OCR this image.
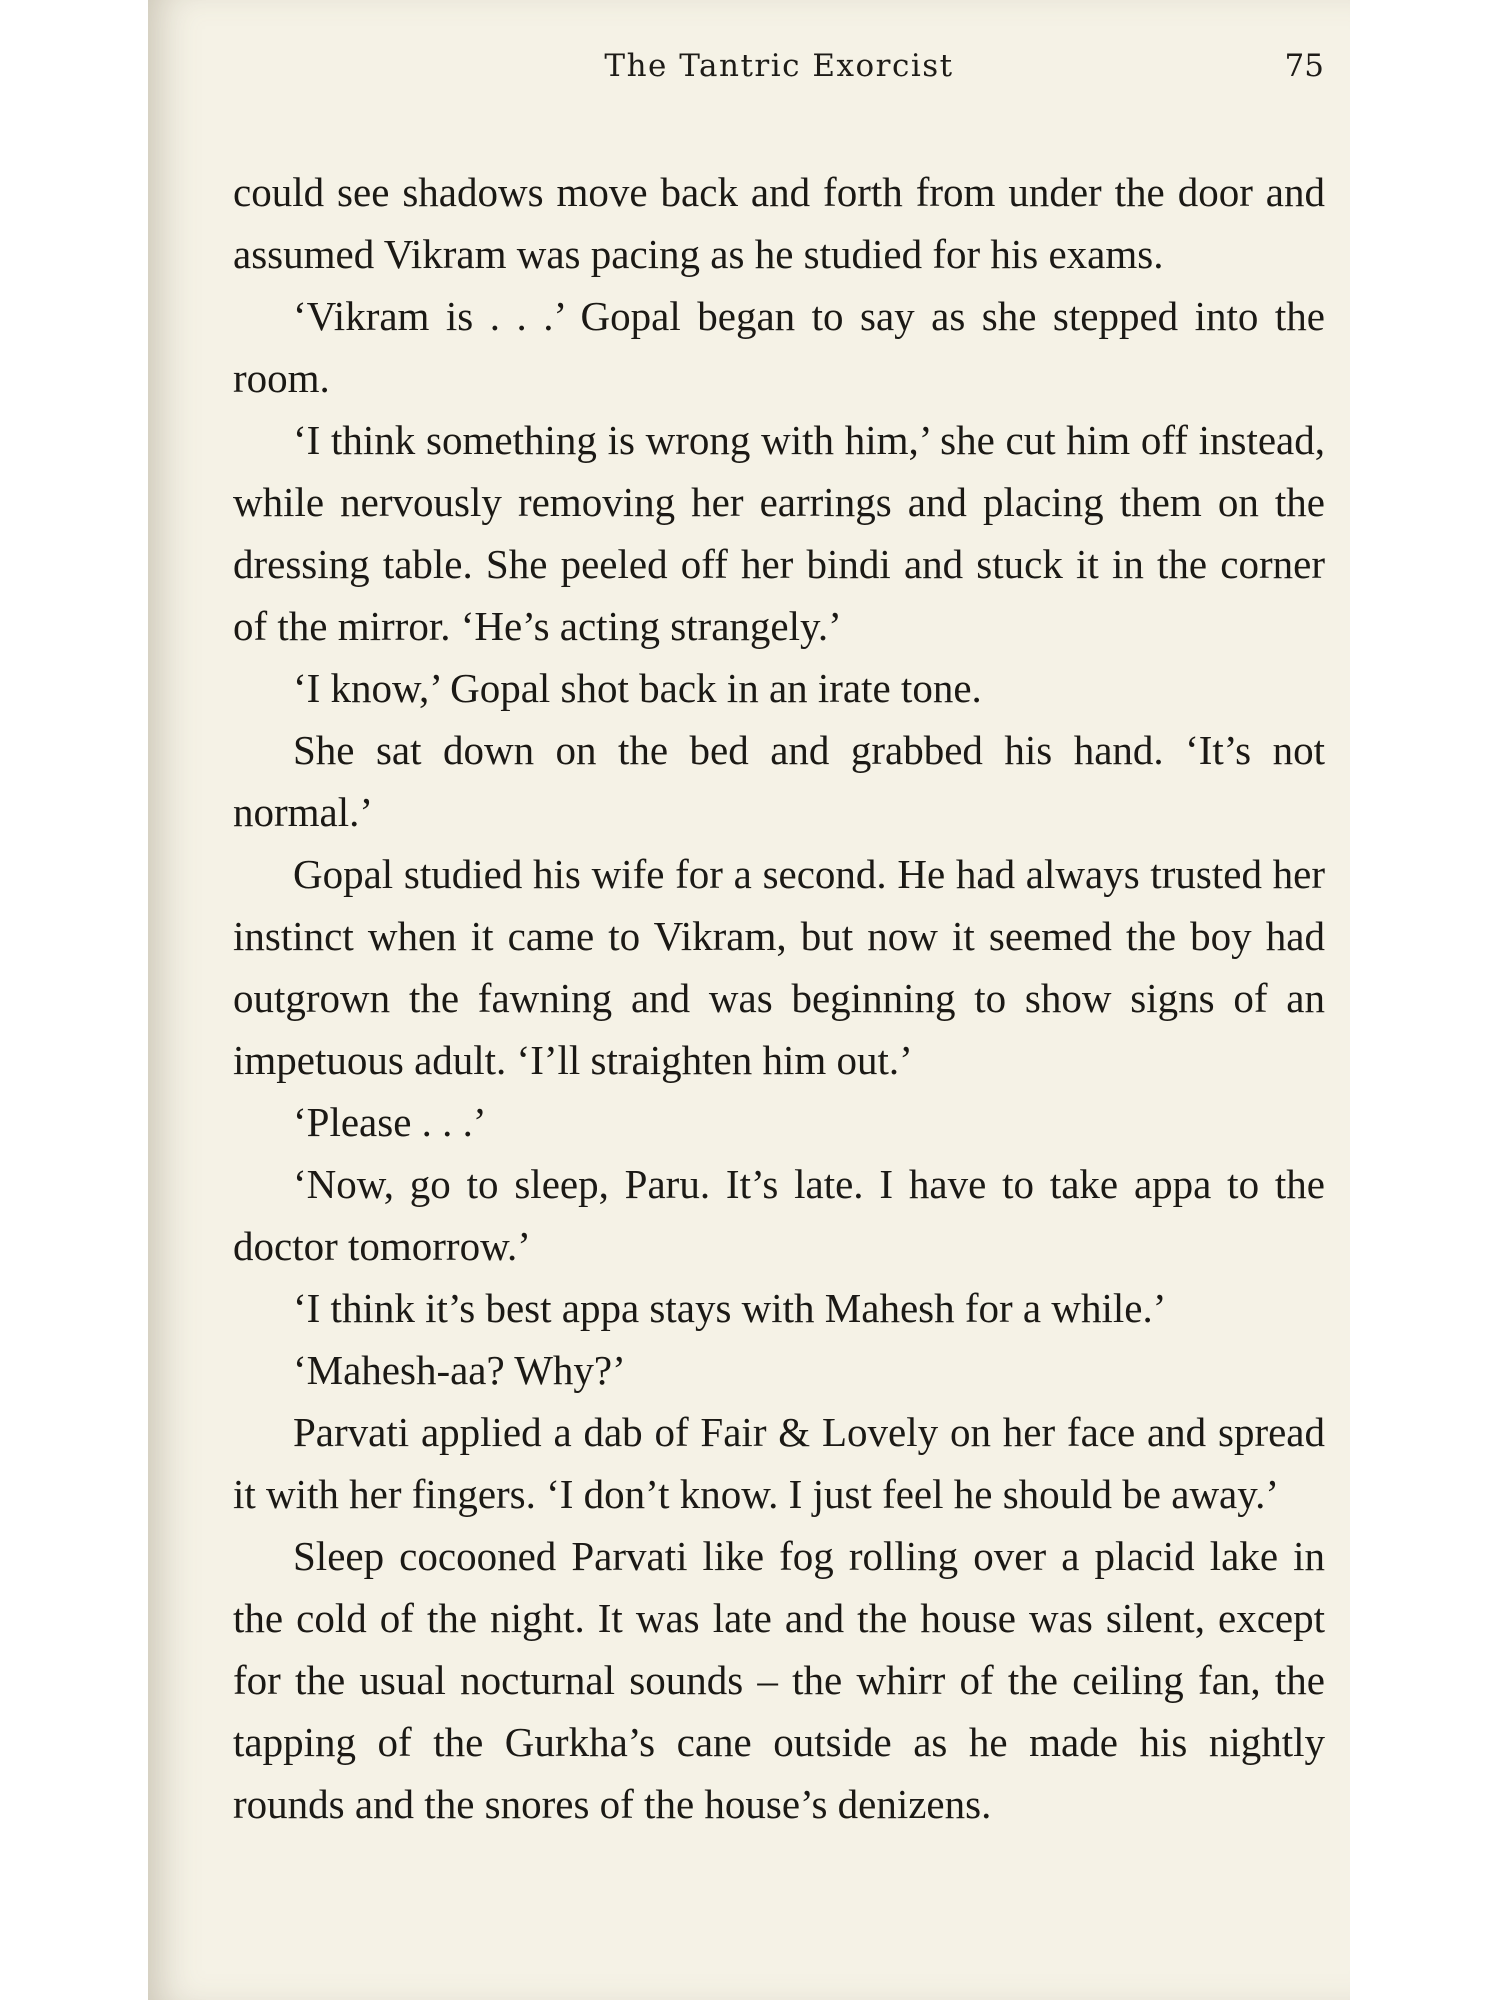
The Tantric Exorcist	75

could see shadows move back and forth from under the door and assumed Vikram was pacing as he studied for his exams.

‘Vikram is . . .’ Gopal began to say as she stepped into the room.

‘I think something is wrong with him,’ she cut him off instead, while nervously removing her earrings and placing them on the dressing table. She peeled off her bindi and stuck it in the corner of the mirror. ‘He’s acting strangely.’

‘I know,’ Gopal shot back in an irate tone.

She sat down on the bed and grabbed his hand. ‘It’s not normal.’

Gopal studied his wife for a second. He had always trusted her instinct when it came to Vikram, but now it seemed the boy had outgrown the fawning and was beginning to show signs of an impetuous adult. ‘I’ll straighten him out.’

‘Please . . .’

‘Now, go to sleep, Paru. It’s late. I have to take appa to the doctor tomorrow.’

‘I think it’s best appa stays with Mahesh for a while.’

‘Mahesh-aa? Why?’

Parvati applied a dab of Fair & Lovely on her face and spread it with her fingers. ‘I don’t know. I just feel he should be away.’

Sleep cocooned Parvati like fog rolling over a placid lake in the cold of the night. It was late and the house was silent, except for the usual nocturnal sounds – the whirr of the ceiling fan, the tapping of the Gurkha’s cane outside as he made his nightly rounds and the snores of the house’s denizens.
